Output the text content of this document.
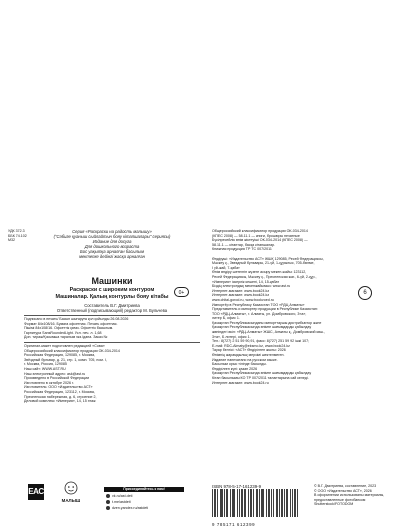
УДК 372.3
ББК 74.102
М32
Серия «Раскраски на радость малышу»
("Сәбиге қуаныш сыйлайтын бояу кітапшалары" сериясы)
Издание для досуга
Для дошкольного возраста
Бос уақытқа арналған басылым
мектепке дейінгі жасқа арналған
Машинки
Раскраски с широким контуром
Машиналар. Қалың контурлы бояу кітабы
0+
Составитель В.Г. Дмитриева
Ответственный (подписывающий) редактор М. Бульчева
Подписано в печать/ Басып шығаруға қол қойылды 26.08.2026
Формат 84x108/16. Бумага офсетная. Печать офсетная.
Пішімі 84x108/16. Офсеттік қағаз. Офсеттік басылым.
Гарнитура SansRoundedLight. Усл. печ. л. 1,68
Доп. тираж/Қосымша таралым экз./дана. Заказ №
Оригинал-макет подготовлен редакцией «Сова»
Общероссийский классификатор продукции ОК-034-2014
Российская Федерация, 129085, г. Москва,
Звёздный бульвар, д. 21, стр. 1, комн. 705, пом. I,
г. Москва, Россия, 129085
Наш сайт: WWW.AST.RU
Наш электронный адрес: ask@ast.ru
Произведено в Российской Федерации
Изготовлено в октябре 2026 г.
Изготовитель: ООО «Издательство АСТ»
Российская Федерация, 123112, г. Москва,
Пресненская набережная, д. 6, строение 2,
Деловой комплекс «Империя», 14, 15 этаж
Общероссийский классификатор продукции ОК-034-2014
(КПЕС 2008) — 58.11.1 — книги, брошюры печатные
Бүкілресейлік өнім жіктеуіші ОК-034-2014 (КПЕС 2008) —
58.11.1 — кітаптар, басқа кітапшалар.
Книжная продукция ТР ТС 007/2011

Өндіруші: «Издательство АСТ» ЖШҚ 129085, Ресей Федерациясы,
Мәскеу қ., Звездный бульвары, 21-үй, 1-құрылыс, 705-бөлме,
I үй-жай, 7-қабат
Өнім өндіру шетелгін жүзеге асыру мекен-жайы: 123112,
Ресей Федерациясы, Мәскеу қ., Пресненская жаг., 6-үй, 2-құр.,
«Империя» іскерлік кешені, 14, 15-қабат
Біздің электрондық мекенжайымыз: www.ast.ru
Интернет-магазин: www.book24.kz
Интернет-магазин: www.book24.kz
www.chitai-gorod.ru, www.bookvoed.ru
Импортёр в Республику Казахстан ТОО «РДЦ Алматы»
Представитель и импортер продукции в Республике Казахстан:
ТОО «РДЦ-Алматы», г. Алматы, ул. Домбровского, 3«а»,
литер Б, офис 1.
Қазақстан Республикасындағы импорттаушы дистрибьютор және
Қазақстан Республикасында өнімге шағымдарды қабылдау
жөніндегі өкіл: «РДЦ-Алматы» ЖШС, Алматы қ., Домбровский көш.,
3«а», Б литері, офис 1.
Тел.: 8(727) 2 51 59 90,91, факс: 8(727) 251 59 92 ішкі 107;
E-mail: RDC-Almaty@eksmo.kz, www.book24.kz
Тауар белгісі: «АСТ» Өндірілген жылы: 2026
Өнімнің жарамдылық мерзімі шектелмеген.
Издание напечатано на русском языке.
Басылым орыс тілінде басылды.
Өндірілген күні: қазан 2026
Қазақстан Республикасында өнімге шағымдарды қабылдау
Кітап басылымы КО ТР 007/2011 талаптарына сай келеді.
Интернет-магазин: www.book24.ru
6
EAC
МАЛЫШ
Присоединяйтесь к нам!
vk.ru/ast.deti
t.me/astdeti
dzen.yandex.ru/astdeti
ISBN 978-5-17-161239-9
9 785171 612399
© В.Г. Дмитриева, составление, 2023
© ООО «Издательство АСТ», 2026
В оформлении использованы материалы,
предоставленные фотобанком
Shutterstock/FOTODOM
